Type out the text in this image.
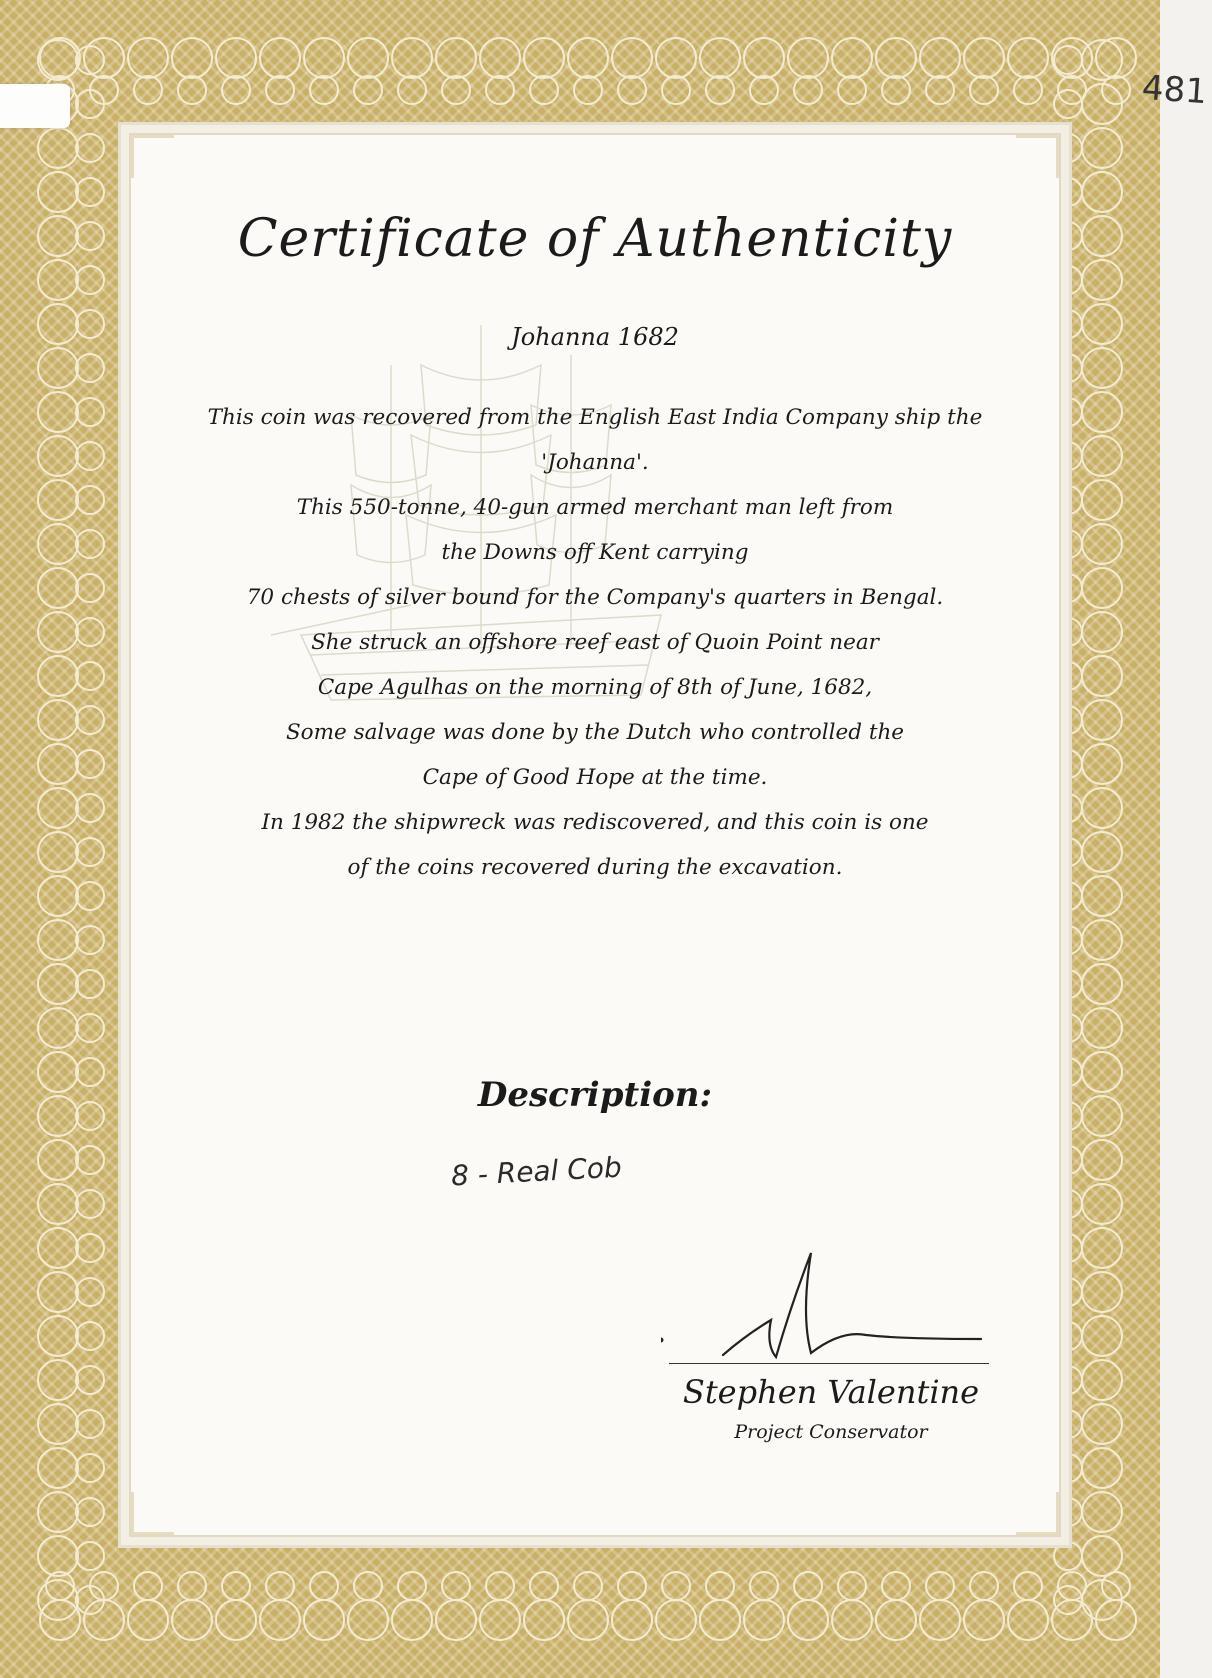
Certificate of Authenticity
Johanna 1682
This coin was recovered from the English East India Company ship the
'Johanna'.
This 550-tonne, 40-gun armed merchant man left from
the Downs off Kent carrying
70 chests of silver bound for the Company's quarters in Bengal.
She struck an offshore reef east of Quoin Point near
Cape Agulhas on the morning of 8th of June, 1682,
Some salvage was done by the Dutch who controlled the
Cape of Good Hope at the time.
In 1982 the shipwreck was rediscovered, and this coin is one
of the coins recovered during the excavation.
Description:
8 - Real Cob
Stephen Valentine
Project Conservator
481
